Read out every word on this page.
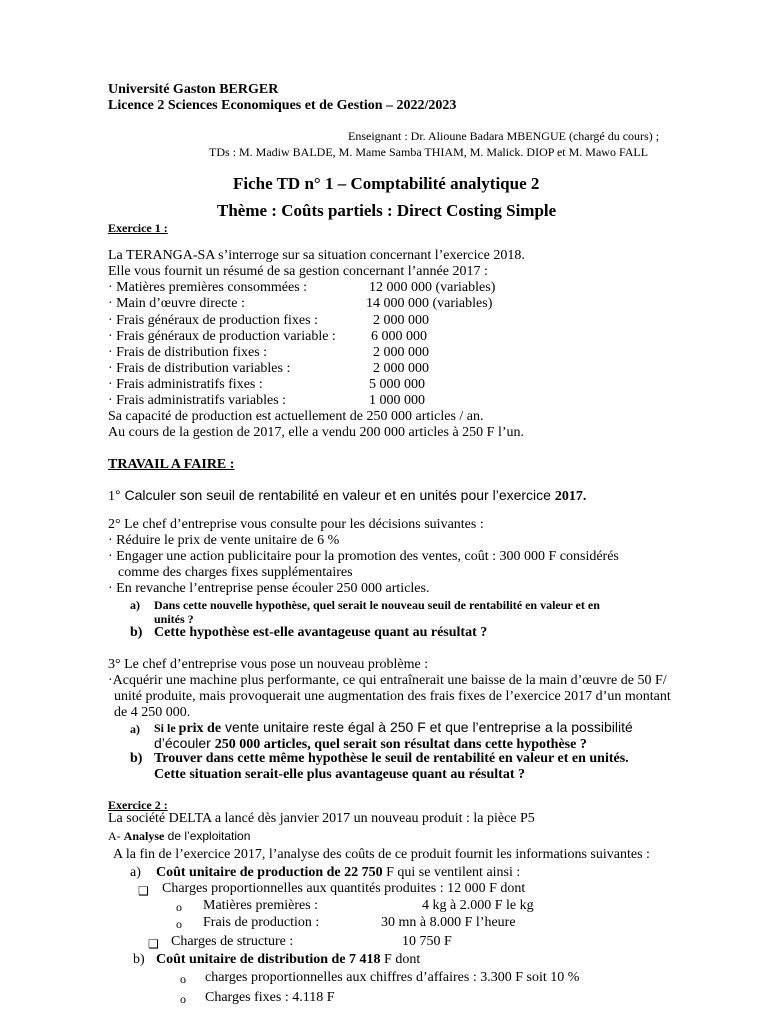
Université Gaston BERGER
Licence 2 Sciences Economiques et de Gestion – 2022/2023
Enseignant : Dr. Alioune Badara MBENGUE (chargé du cours) ;
TDs : M. Madiw BALDE, M. Mame Samba THIAM, M. Malick. DIOP et M. Mawo FALL
Fiche TD n° 1 – Comptabilité analytique 2
Thème : Coûts partiels : Direct Costing Simple
Exercice 1 :
La TERANGA-SA s’interroge sur sa situation concernant l’exercice 2018.
Elle vous fournit un résumé de sa gestion concernant l’année 2017 :
· Matières premières consommées :	12 000 000 (variables)
· Main d’œuvre directe :	14 000 000 (variables)
· Frais généraux de production fixes :	2 000 000
· Frais généraux de production variable :	6 000 000
· Frais de distribution fixes :	2 000 000
· Frais de distribution variables :	2 000 000
· Frais administratifs fixes :	5 000 000
· Frais administratifs variables :	1 000 000
Sa capacité de production est actuellement de 250 000 articles / an.
Au cours de la gestion de 2017, elle a vendu 200 000 articles à 250 F l’un.
TRAVAIL A FAIRE :
1° Calculer son seuil de rentabilité en valeur et en unités pour l’exercice 2017.
2° Le chef d’entreprise vous consulte pour les décisions suivantes :
· Réduire le prix de vente unitaire de 6 %
· Engager une action publicitaire pour la promotion des ventes, coût : 300 000 F considérés
comme des charges fixes supplémentaires
· En revanche l’entreprise pense écouler 250 000 articles.
a) Dans cette nouvelle hypothèse, quel serait le nouveau seuil de rentabilité en valeur et en
unités ?
b) Cette hypothèse est-elle avantageuse quant au résultat ?
3° Le chef d’entreprise vous pose un nouveau problème :
·Acquérir une machine plus performante, ce qui entraînerait une baisse de la main d’œuvre de 50 F/
unité produite, mais provoquerait une augmentation des frais fixes de l’exercice 2017 d’un montant
de 4 250 000.
a) Si le prix de vente unitaire reste égal à 250 F et que l’entreprise a la possibilité
d’écouler 250 000 articles, quel serait son résultat dans cette hypothèse ?
b) Trouver dans cette même hypothèse le seuil de rentabilité en valeur et en unités.
Cette situation serait-elle plus avantageuse quant au résultat ?
Exercice 2 :
La société DELTA a lancé dès janvier 2017 un nouveau produit : la pièce P5
A- Analyse de l’exploitation
A la fin de l’exercice 2017, l’analyse des coûts de ce produit fournit les informations suivantes :
a) Coût unitaire de production de 22 750 F qui se ventilent ainsi :
❑ Charges proportionnelles aux quantités produites : 12 000 F dont
o Matières premières :	4 kg à 2.000 F le kg
o Frais de production :	30 mn à 8.000 F l’heure
❑ Charges de structure :	10 750 F
b) Coût unitaire de distribution de 7 418 F dont
o charges proportionnelles aux chiffres d’affaires : 3.300 F soit 10 %
o Charges fixes : 4.118 F
